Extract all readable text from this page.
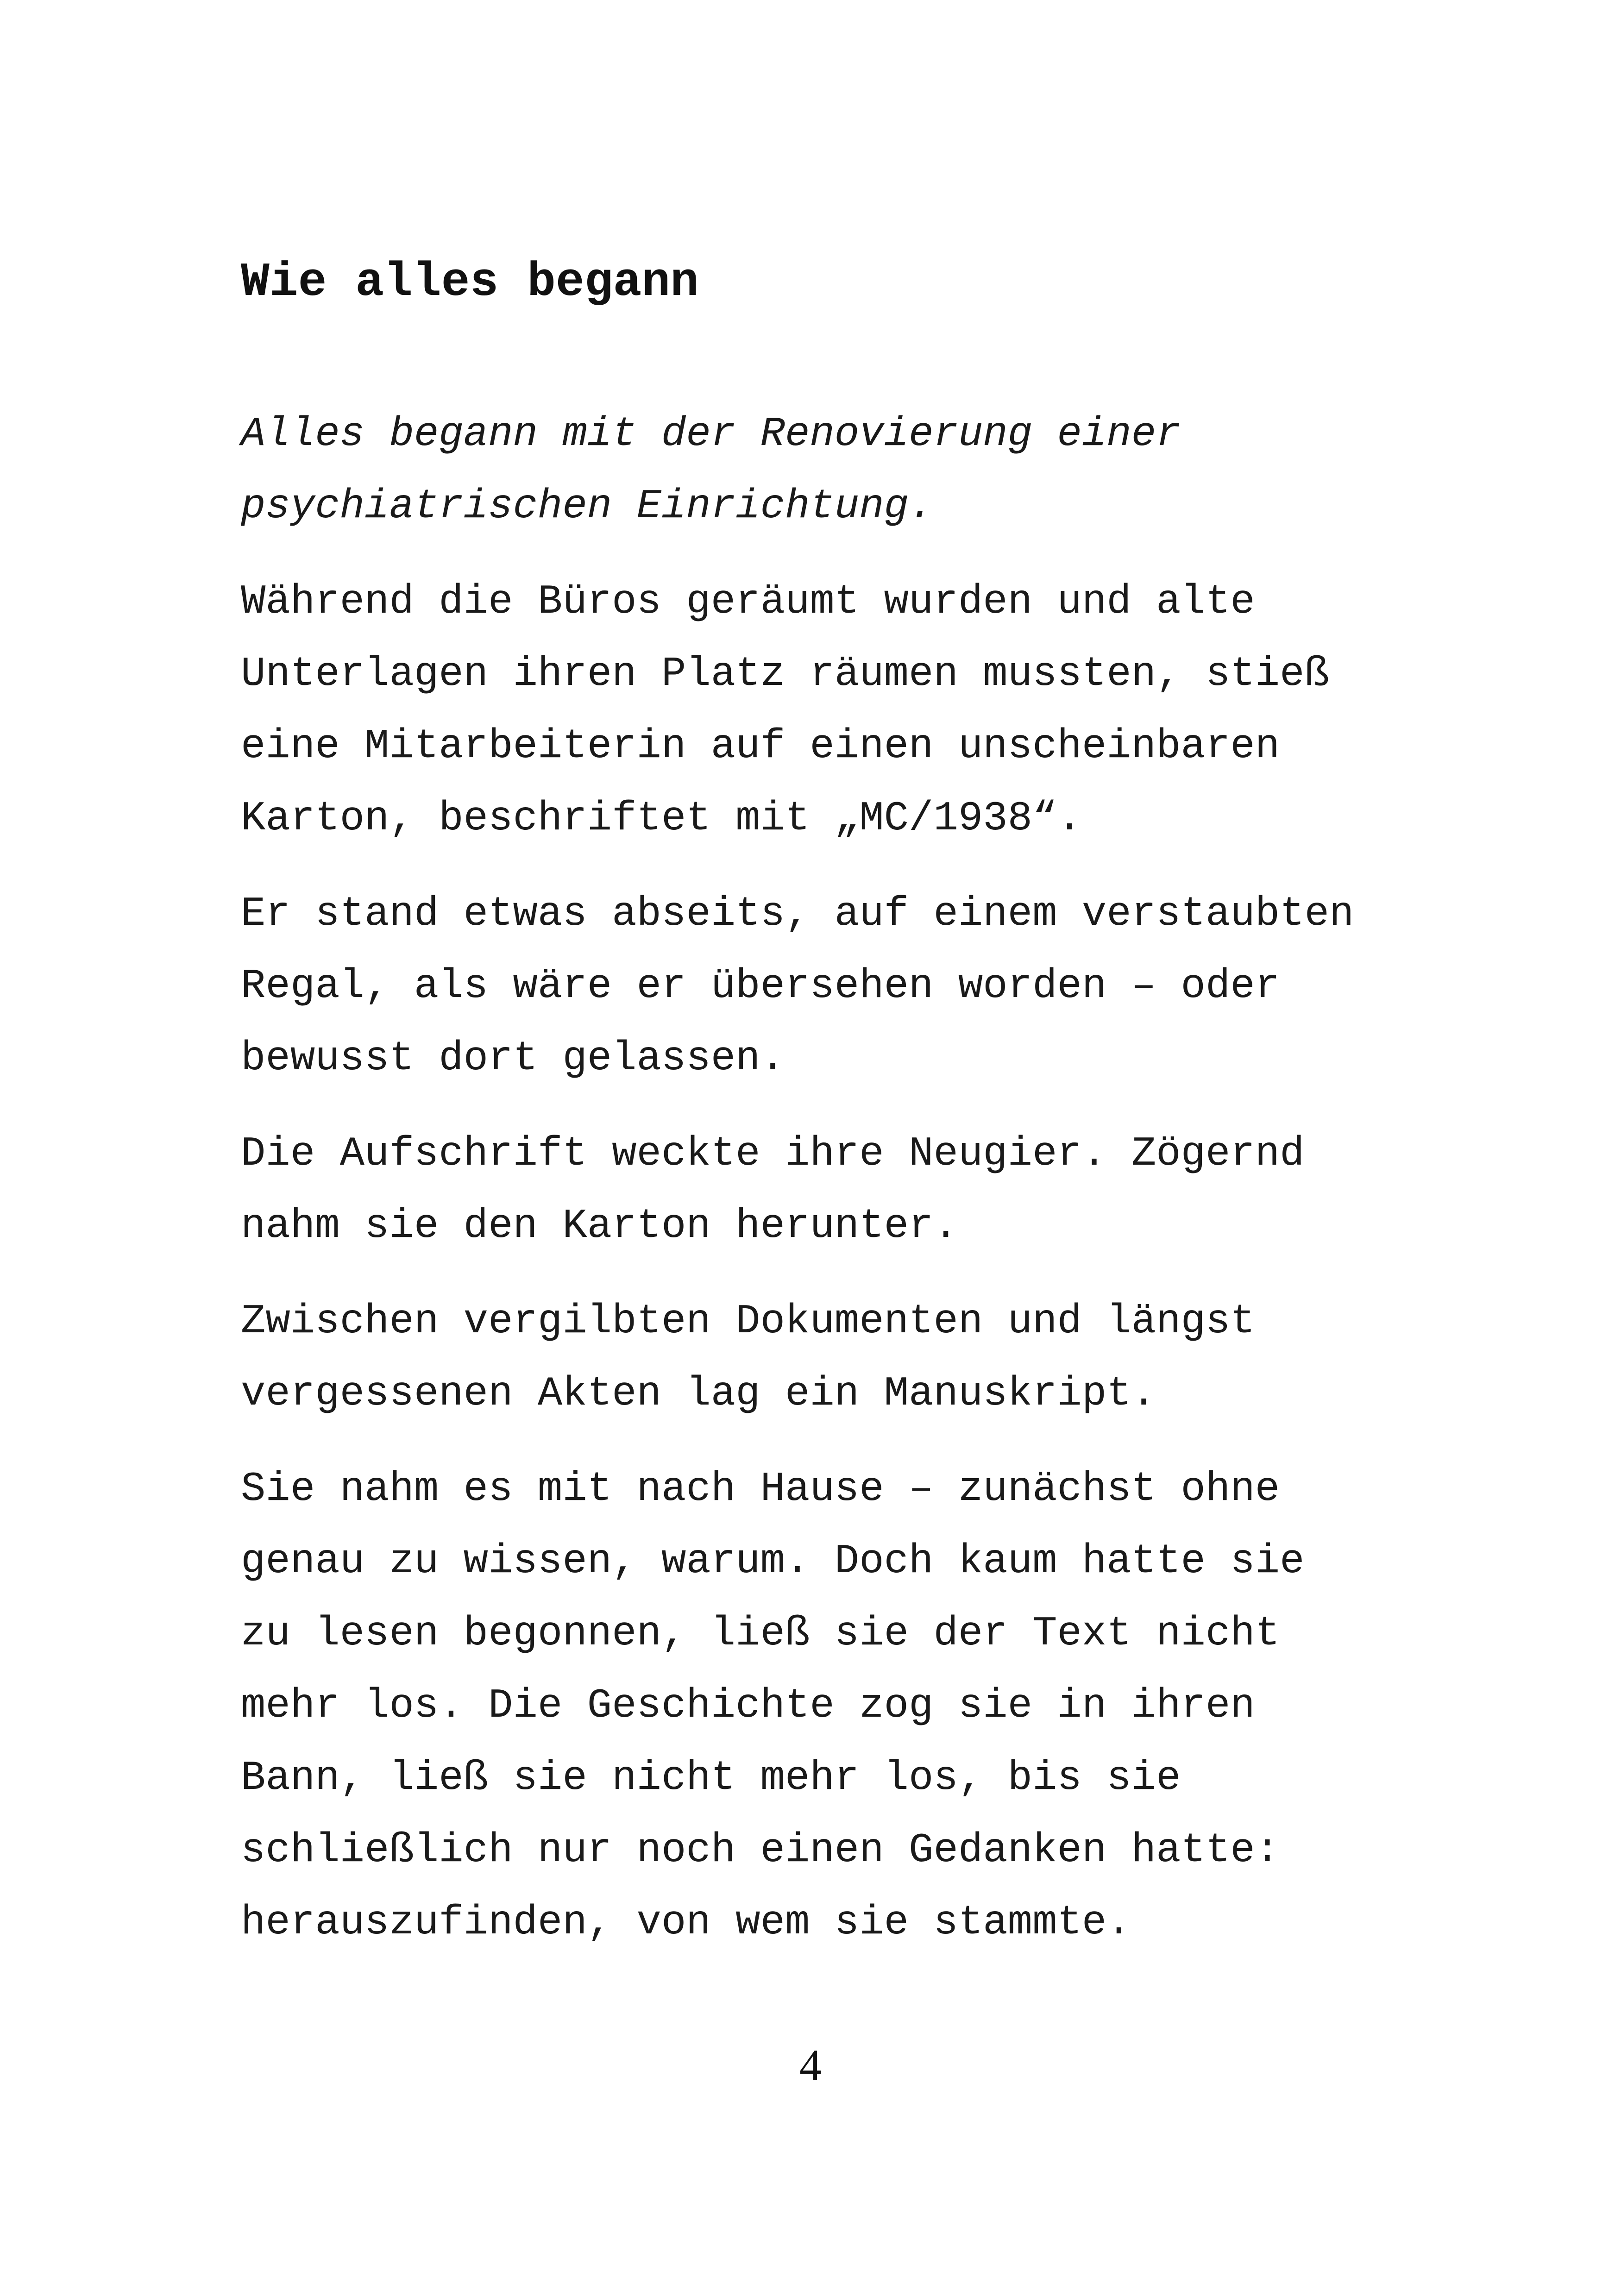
Wie alles begann

Alles begann mit der Renovierung einer
psychiatrischen Einrichtung.

Während die Büros geräumt wurden und alte
Unterlagen ihren Platz räumen mussten, stieß
eine Mitarbeiterin auf einen unscheinbaren
Karton, beschriftet mit „MC/1938“.

Er stand etwas abseits, auf einem verstaubten
Regal, als wäre er übersehen worden – oder
bewusst dort gelassen.

Die Aufschrift weckte ihre Neugier. Zögernd
nahm sie den Karton herunter.

Zwischen vergilbten Dokumenten und längst
vergessenen Akten lag ein Manuskript.

Sie nahm es mit nach Hause – zunächst ohne
genau zu wissen, warum. Doch kaum hatte sie
zu lesen begonnen, ließ sie der Text nicht
mehr los. Die Geschichte zog sie in ihren
Bann, ließ sie nicht mehr los, bis sie
schließlich nur noch einen Gedanken hatte:
herauszufinden, von wem sie stammte.

4
